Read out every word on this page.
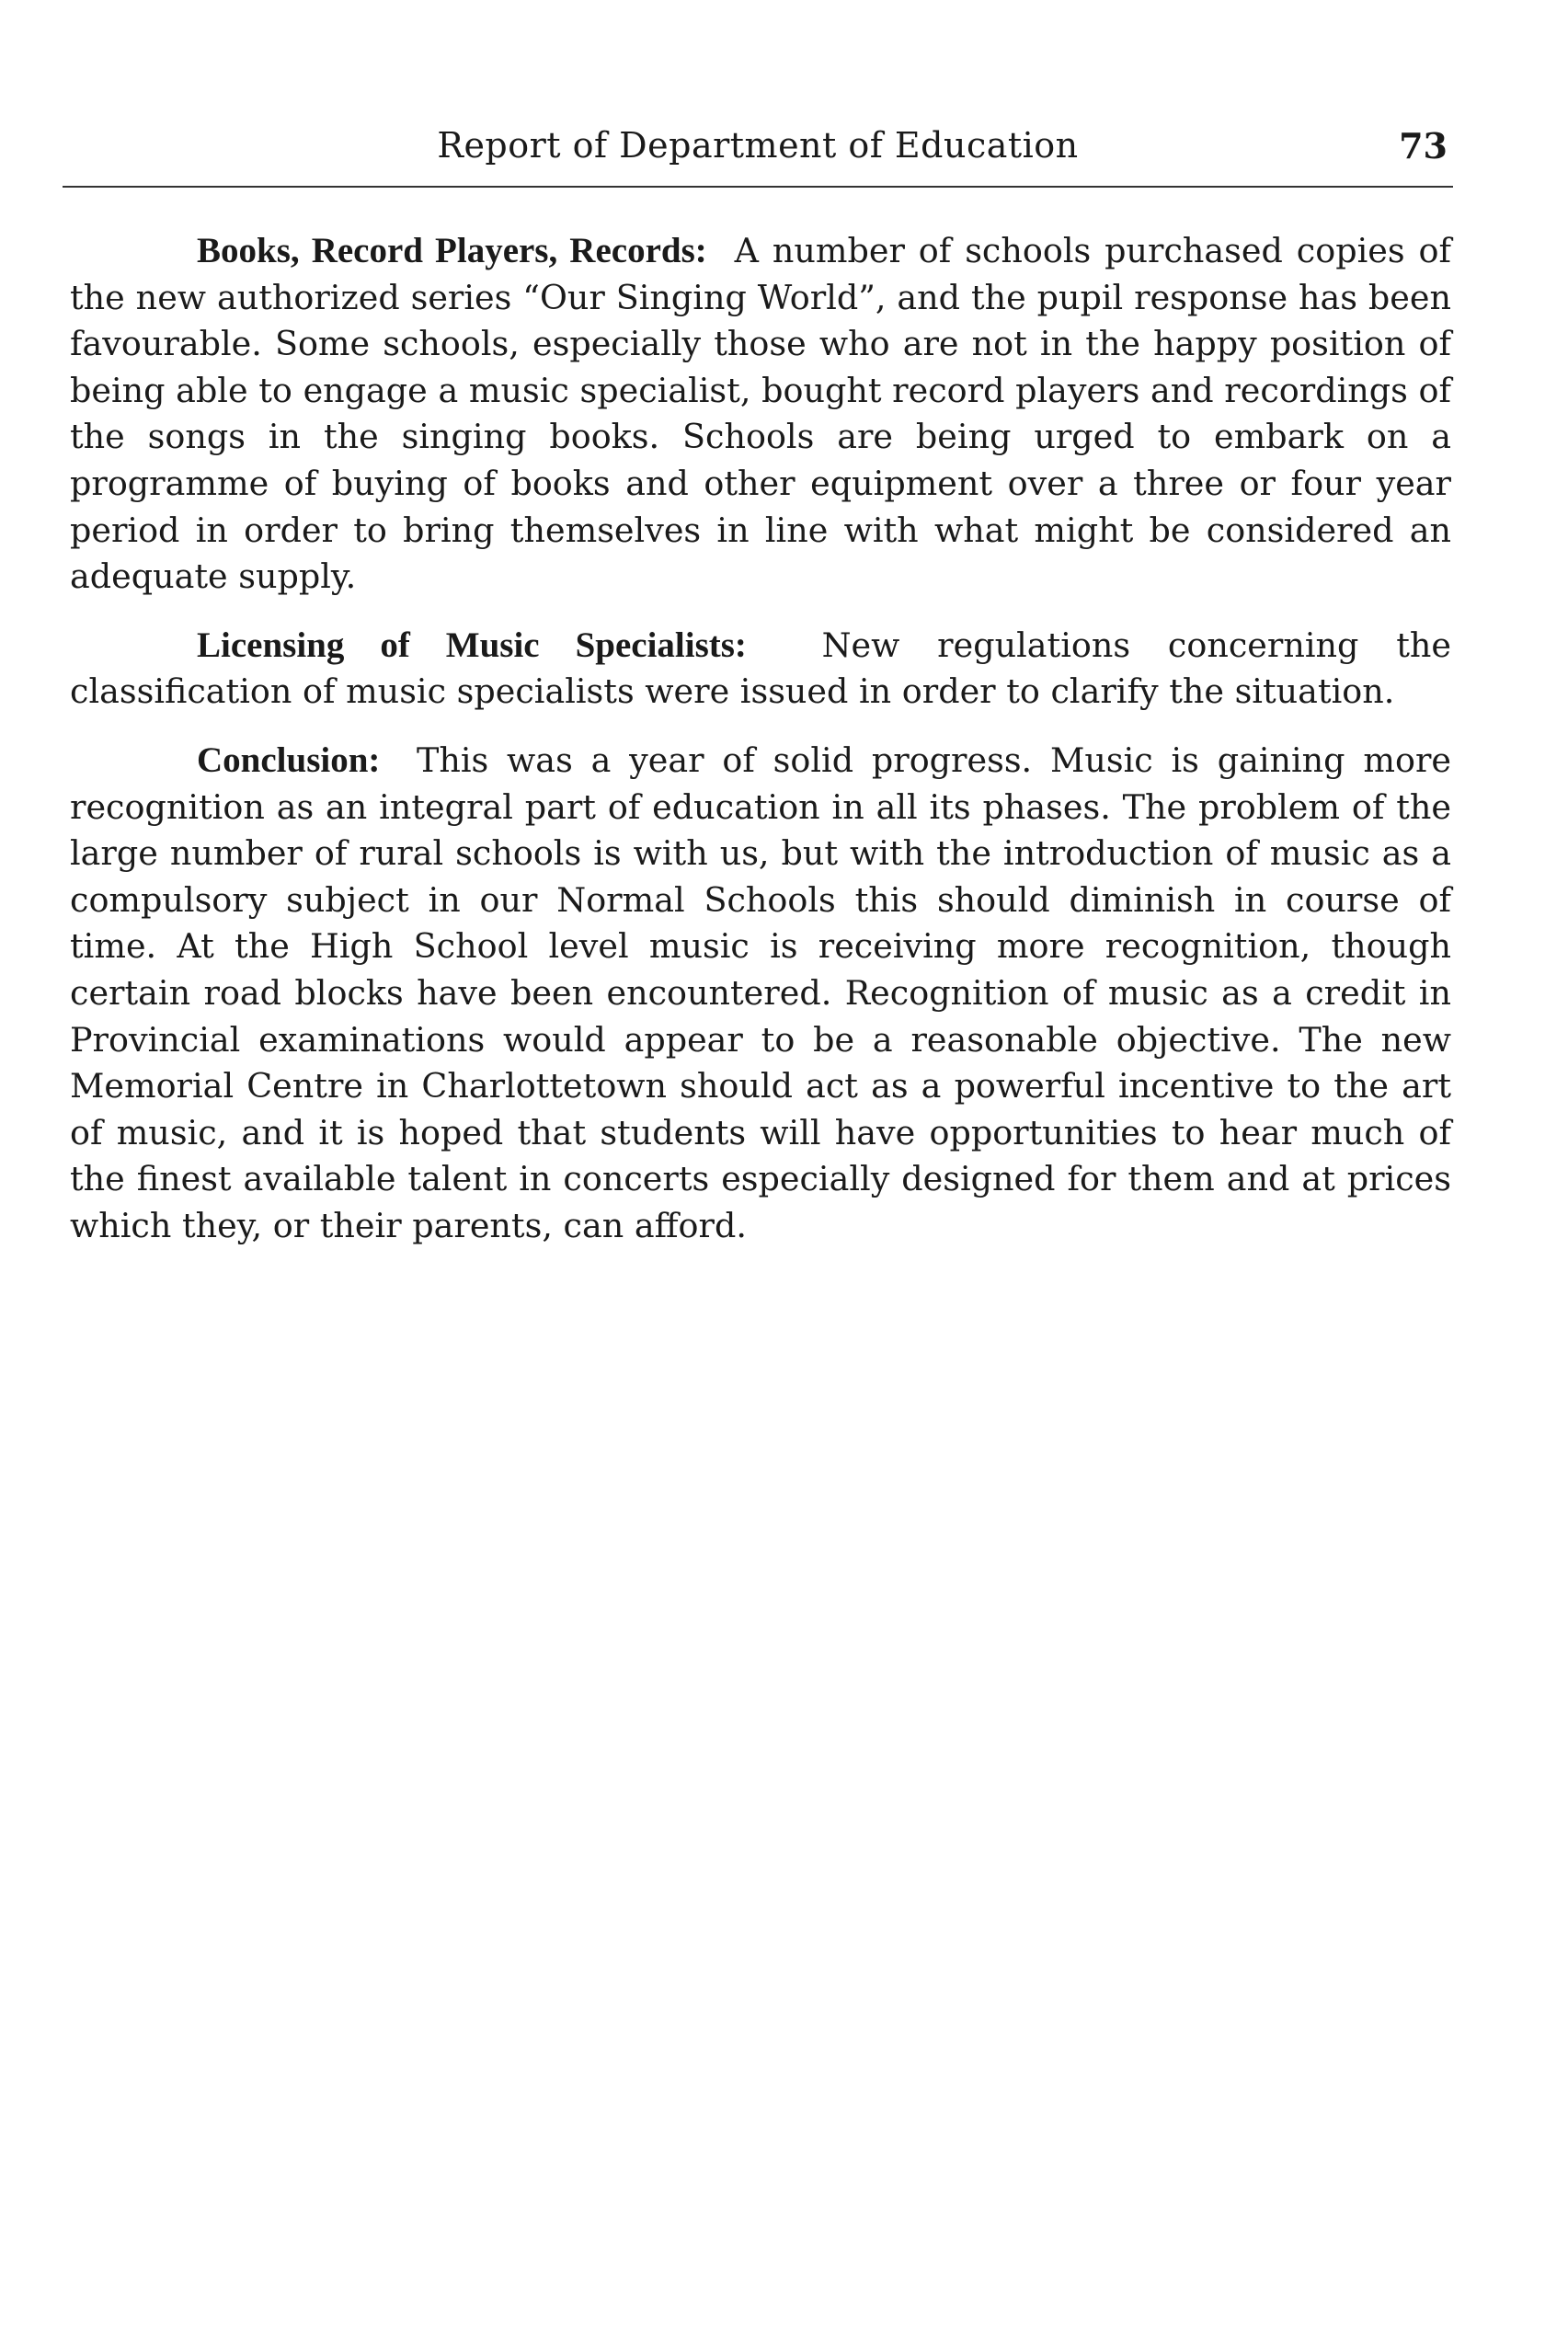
Report of Department of Education	73

Books, Record Players, Records: A number of schools purchased copies of the new authorized series “Our Singing World”, and the pupil response has been favourable. Some schools, especially those who are not in the happy position of being able to engage a music specialist, bought record players and recordings of the songs in the singing books. Schools are being urged to embark on a programme of buying of books and other equipment over a three or four year period in order to bring themselves in line with what might be considered an adequate supply.

Licensing of Music Specialists: New regulations concerning the classification of music specialists were issued in order to clarify the situation.

Conclusion: This was a year of solid progress. Music is gaining more recognition as an integral part of education in all its phases. The problem of the large number of rural schools is with us, but with the introduction of music as a compulsory subject in our Normal Schools this should diminish in course of time. At the High School level music is receiving more recognition, though certain road blocks have been encountered. Recognition of music as a credit in Provincial examinations would appear to be a reasonable objective. The new Memorial Centre in Charlottetown should act as a powerful incentive to the art of music, and it is hoped that students will have opportunities to hear much of the finest available talent in concerts especially designed for them and at prices which they, or their parents, can afford.
